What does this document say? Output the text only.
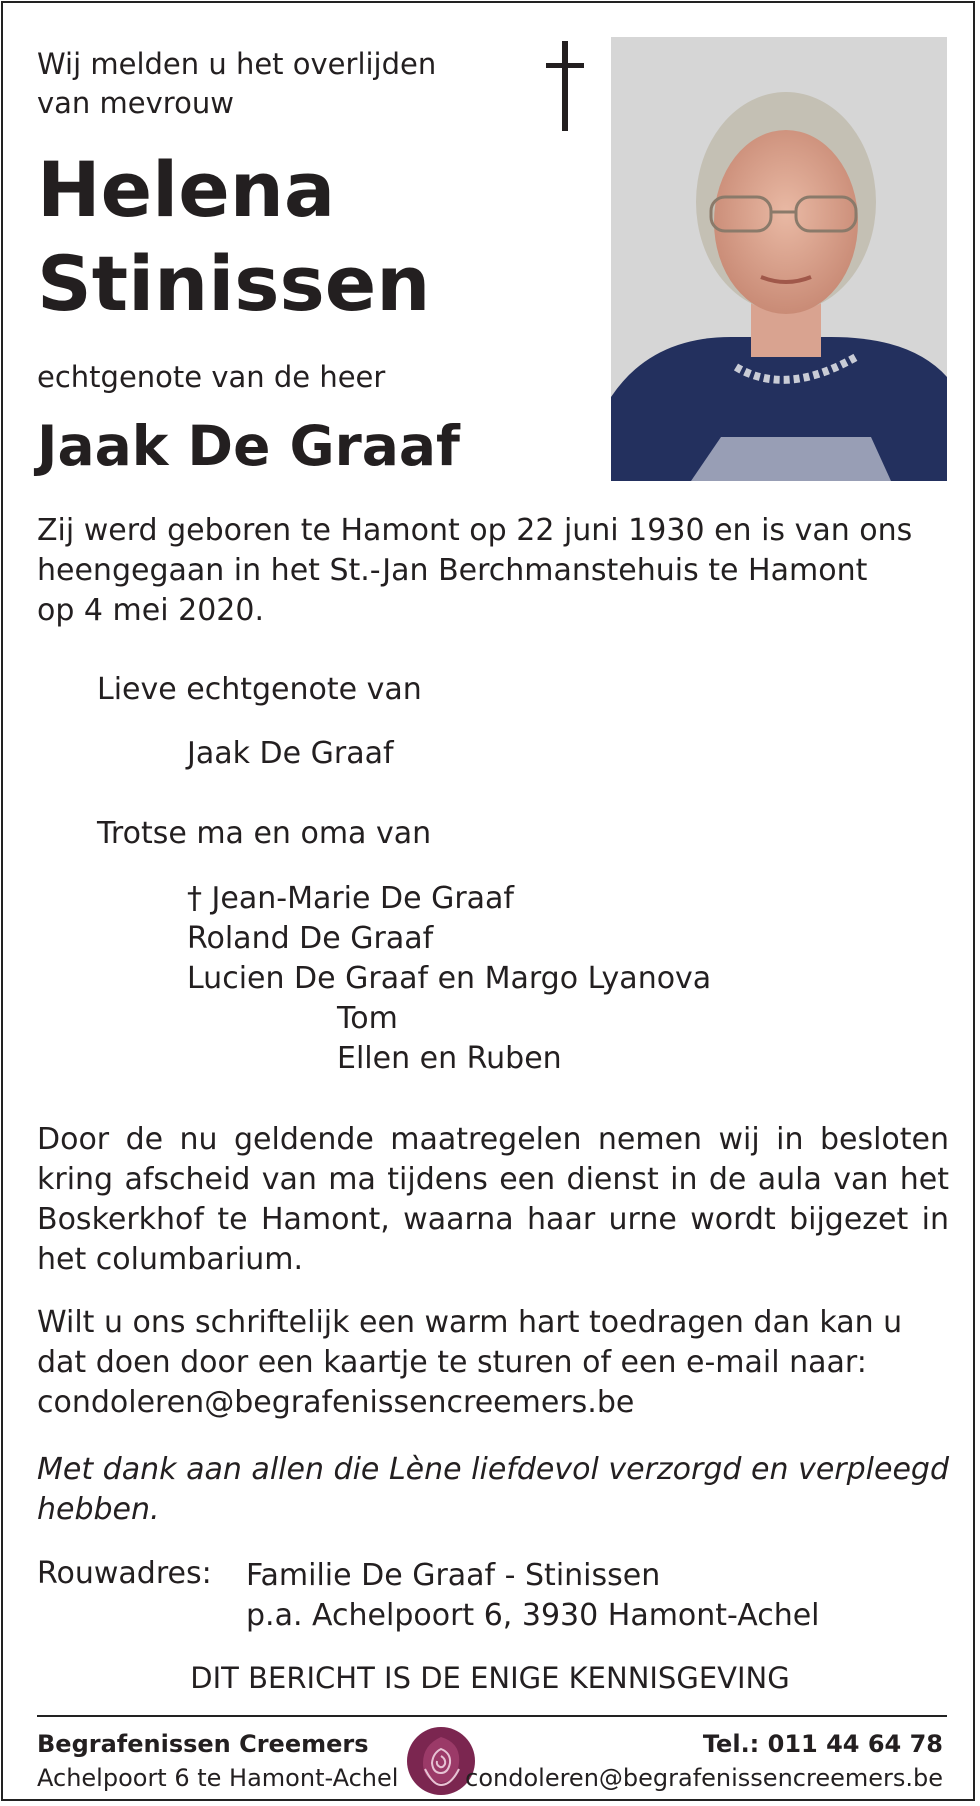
Wij melden u het overlijden
van mevrouw
Helena
Stinissen
echtgenote van de heer
Jaak De Graaf
Zij werd geboren te Hamont op 22 juni 1930 en is van ons
heengegaan in het St.-Jan Berchmanstehuis te Hamont
op 4 mei 2020.
Lieve echtgenote van
Jaak De Graaf
Trotse ma en oma van
† Jean-Marie De Graaf
Roland De Graaf
Lucien De Graaf en Margo Lyanova
Tom
Ellen en Ruben
Door de nu geldende maatregelen nemen wij in besloten kring afscheid van ma tijdens een dienst in de aula van het Boskerkhof te Hamont, waarna haar urne wordt bijgezet in het columbarium.
Wilt u ons schriftelijk een warm hart toedragen dan kan u
dat doen door een kaartje te sturen of een e-mail naar:
condoleren@begrafenissencreemers.be
Met dank aan allen die Lène liefdevol verzorgd en verpleegd hebben.
Rouwadres: Familie De Graaf - Stinissen
p.a. Achelpoort 6, 3930 Hamont-Achel
DIT BERICHT IS DE ENIGE KENNISGEVING
Begrafenissen Creemers
Achelpoort 6 te Hamont-Achel
Tel.: 011 44 64 78
condoleren@begrafenissencreemers.be
